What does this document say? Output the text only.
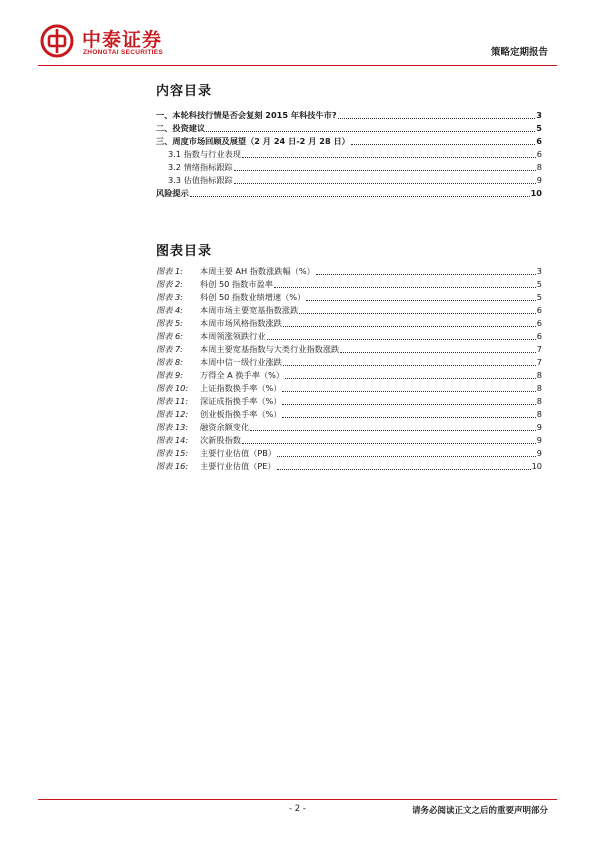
中泰证券
ZHONGTAI SECURITIES	策略定期报告
内容目录
一、本轮科技行情是否会复刻 2015 年科技牛市?	3
二、投资建议	5
三、周度市场回顾及展望（2 月 24 日-2 月 28 日）	6
3.1 指数与行业表现	6
3.2 情绪指标跟踪	8
3.3 估值指标跟踪	9
风险提示	10
图表目录
图表 1: 本周主要 AH 指数涨跌幅（%）	3
图表 2: 科创 50 指数市盈率	5
图表 3: 科创 50 指数业绩增速（%）	5
图表 4: 本周市场主要宽基指数涨跌	6
图表 5: 本周市场风格指数涨跌	6
图表 6: 本周领涨领跌行业	6
图表 7: 本周主要宽基指数与大类行业指数涨跌	7
图表 8: 本周中信一级行业涨跌	7
图表 9: 万得全 A 换手率（%）	8
图表 10: 上证指数换手率（%）	8
图表 11: 深证成指换手率（%）	8
图表 12: 创业板指换手率（%）	8
图表 13: 融资余额变化	9
图表 14: 次新股指数	9
图表 15: 主要行业估值（PB）	9
图表 16: 主要行业估值（PE）	10
- 2 -	请务必阅读正文之后的重要声明部分
